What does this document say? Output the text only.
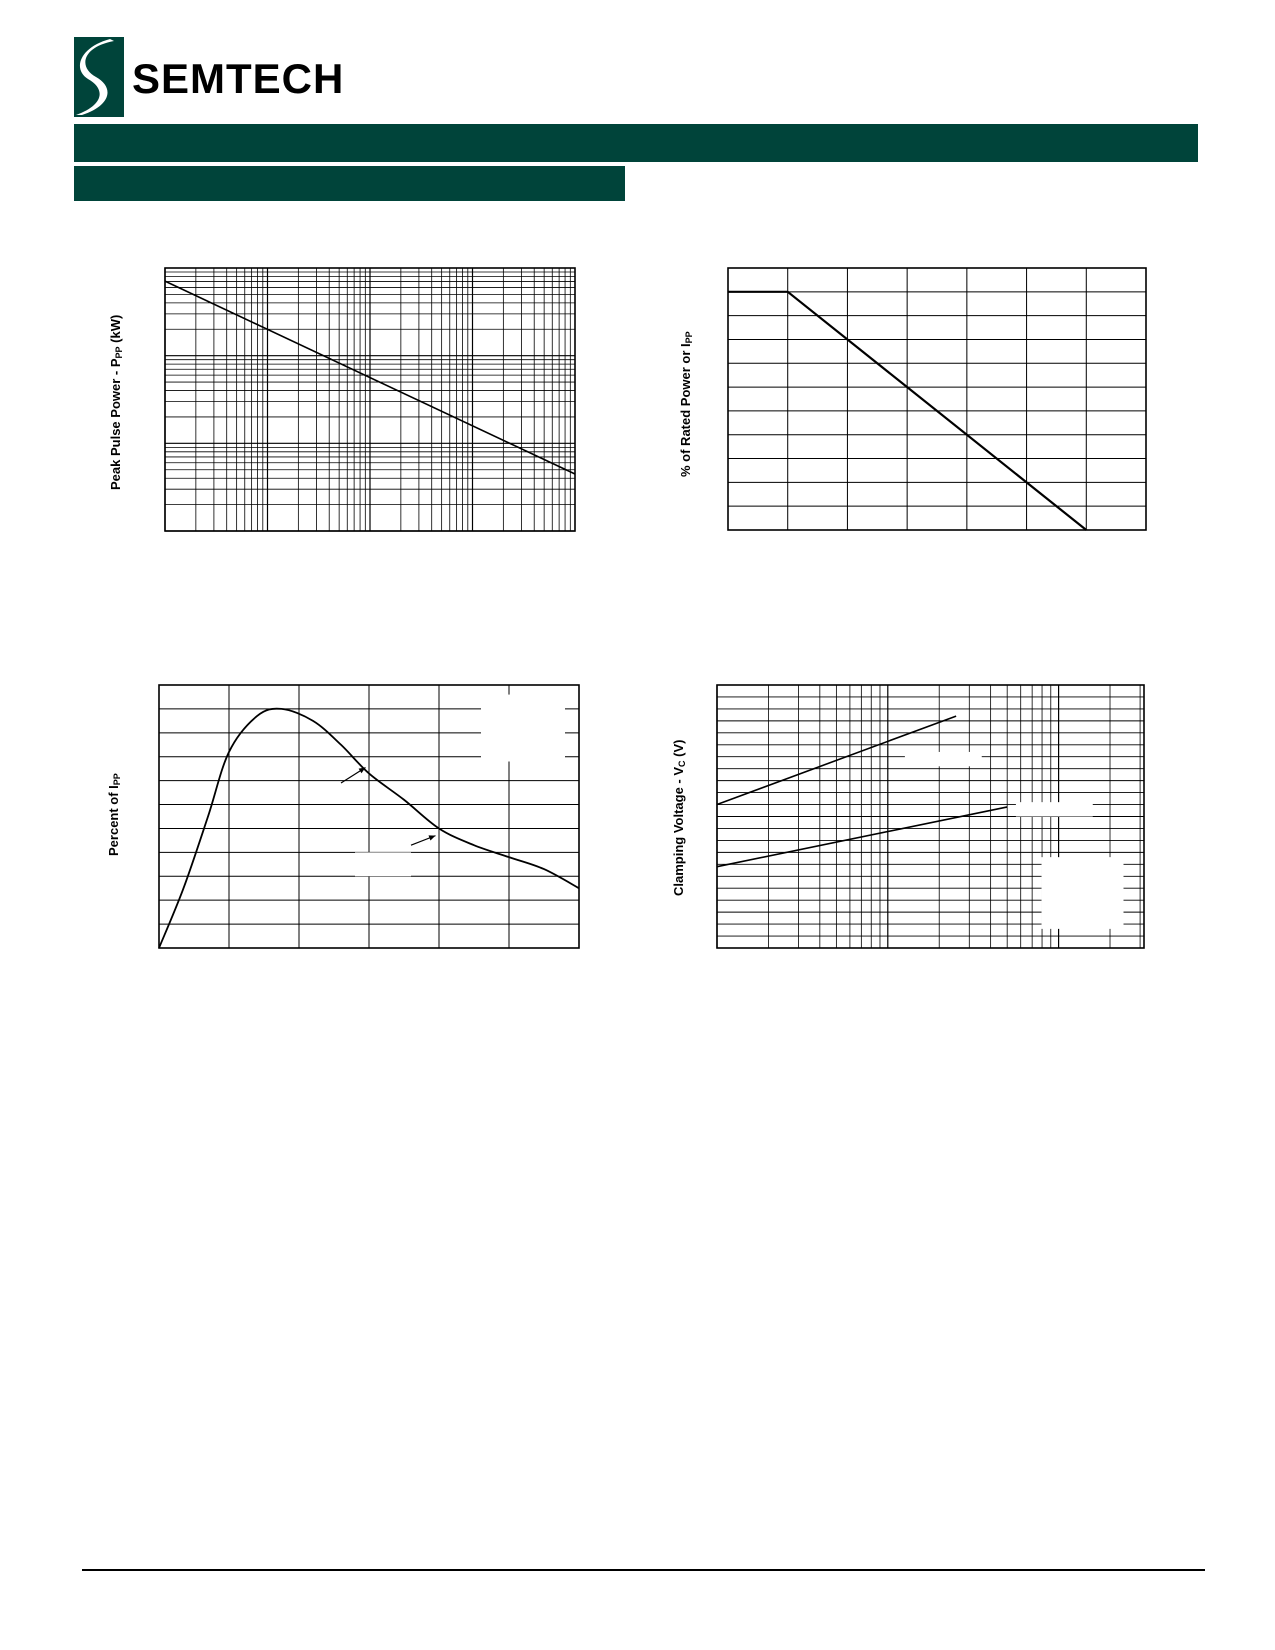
SEMTECH
Peak Pulse Power - $P_{PP}$ (kW)
% of Rated Power or $I_{PP}$
Percent of $I_{PP}$	Clamping Voltage - $V_C$ (V)
